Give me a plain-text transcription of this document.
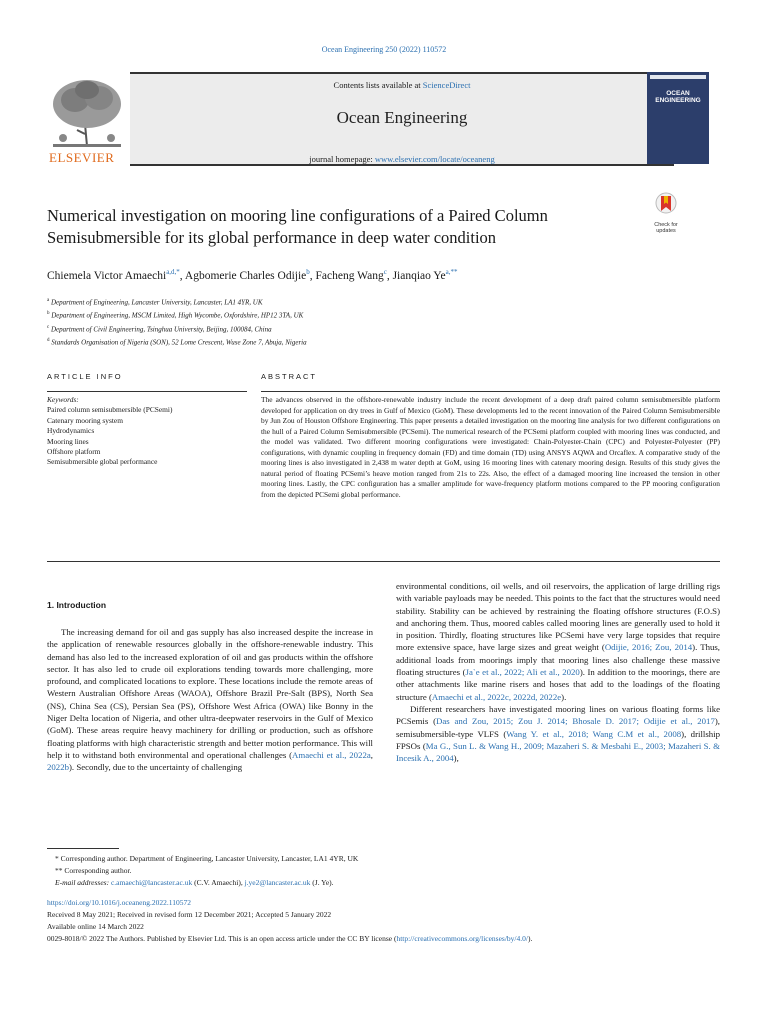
Ocean Engineering 250 (2022) 110572
ELSEVIER
Contents lists available at ScienceDirect
Ocean Engineering
journal homepage: www.elsevier.com/locate/oceaneng
OCEAN
ENGINEERING
Numerical investigation on mooring line configurations of a Paired Column Semisubmersible for its global performance in deep water condition
Check for updates
Chiemela Victor Amaechi$^{a,d,*}$, Agbomerie Charles Odijie$^b$, Facheng Wang$^c$, Jianqiao $Ye^{a,**}$
$^a$ Department of Engineering, Lancaster University, Lancaster, LA1 4YR, UK
$^b$ Department of Engineering, MSCM Limited, High Wycombe, Oxfordshire, HP12 3TA, UK
$^c$ Department of Civil Engineering, Tsinghua University, Beijing, 100084, China
$^d$ Standards Organisation of Nigeria (SON), 52 Lome Crescent, Wuse Zone 7, Abuja, Nigeria
ARTICLE INFO	ABSTRACT
Keywords:
Paired column semisubmersible (PCSemi)
Catenary mooring system
Hydrodynamics
Mooring lines
Offshore platform
Semisubmersible global performance
The advances observed in the offshore-renewable industry include the recent development of a deep draft paired column semisubmersible platform developed for application on dry trees in Gulf of Mexico (GoM). These developments led to the recent innovation of the Paired Column Semisubmersible by Jun Zou of Houston Offshore Engineering. This paper presents a detailed investigation on the mooring line analysis for two different configurations on the hull of a Paired Column Semisubmersible (PCSemi). The numerical research of the PCSemi platform coupled with mooring lines was conducted, and the model was validated. Two different mooring configurations were investigated: Chain-Polyester-Chain (CPC) and Polyester-Polyester (PP) configurations, with dynamic coupling in frequency domain (FD) and time domain (TD) using ANSYS AQWA and Orcaflex. A comparative study of the mooring lines is also investigated in 2,438 m water depth at GoM, using 16 mooring lines with catenary mooring design. Results of this study gives the natural period of floating PCSemi’s heave motion ranged from 21s to 22s. Also, the effect of a damaged mooring line increased the tension in other mooring lines. Lastly, the CPC configuration has a smaller amplitude for wave-frequency platform motions compared to the PP mooring configuration from the depicted PCSemi global performance.
1. Introduction

The increasing demand for oil and gas supply has also increased despite the increase in the application of renewable resources globally in the offshore-renewable industry. This demand has also led to the increased exploration of oil and gas products within the offshore sector. It has also led to crude oil explorations tending towards more challenging, more profound, and complicated locations to explore. These locations include the remote areas of Western Australian Offshore Areas (WAOA), Offshore Brazil Pre-Salt (BPS), North Sea (NS), China Sea (CS), Persian Sea (PS), Offshore West Africa (OWA) like Bonny in the Niger Delta location of Nigeria, and other ultra-deepwater reservoirs in the Gulf of Mexico (GoM). These areas require heavy machinery for drilling or production, such as offshore floating platforms with high characteristic strength and better motion performance. This will help it to withstand both environmental and operational challenges (Amaechi et al., 2022a, 2022b). Secondly, due to the uncertainty of challenging

environmental conditions, oil wells, and oil reservoirs, the application of large drilling rigs with variable payloads may be needed. This points to the fact that the structures would need stability. Stability can be achieved by restraining the floating offshore structures (F.O.S) and anchoring them. Thus, moored cables called mooring lines are generally used to hold it in position. Thirdly, floating structures like PCSemi have very large topsides that require more extensive space, have large sizes and great weight (Odijie, 2016; Zou, 2014). Thus, additional loads from moorings imply that mooring lines also challenge these massive floating structures (Ja`e et al., 2022; Ali et al., 2020). In addition to the moorings, there are other attachments like marine risers and hoses that add to the loadings of the floating structure (Amaechi et al., 2022c, 2022d, 2022e).

Different researchers have investigated mooring lines on various floating forms like PCSemis (Das and Zou, 2015; Zou J. 2014; Bhosale D. 2017; Odijie et al., 2017), semisubmersible-type VLFS (Wang Y. et al., 2018; Wang C.M et al., 2008), drillship FPSOs (Ma G., Sun L. & Wang H., 2009; Mazaheri S. & Mesbahi E., 2003; Mazaheri S. & Incesik A., 2004),

* Corresponding author. Department of Engineering, Lancaster University, Lancaster, LA1 4YR, UK
** Corresponding author.
E-mail addresses: c.amaechi@lancaster.ac.uk (C.V. Amaechi), j.ye2@lancaster.ac.uk (J. Ye).
https://doi.org/10.1016/j.oceaneng.2022.110572
Received 8 May 2021; Received in revised form 12 December 2021; Accepted 5 January 2022
Available online 14 March 2022
0029-8018/© 2022 The Authors. Published by Elsevier Ltd. This is an open access article under the CC BY license (http://creativecommons.org/licenses/by/4.0/).
